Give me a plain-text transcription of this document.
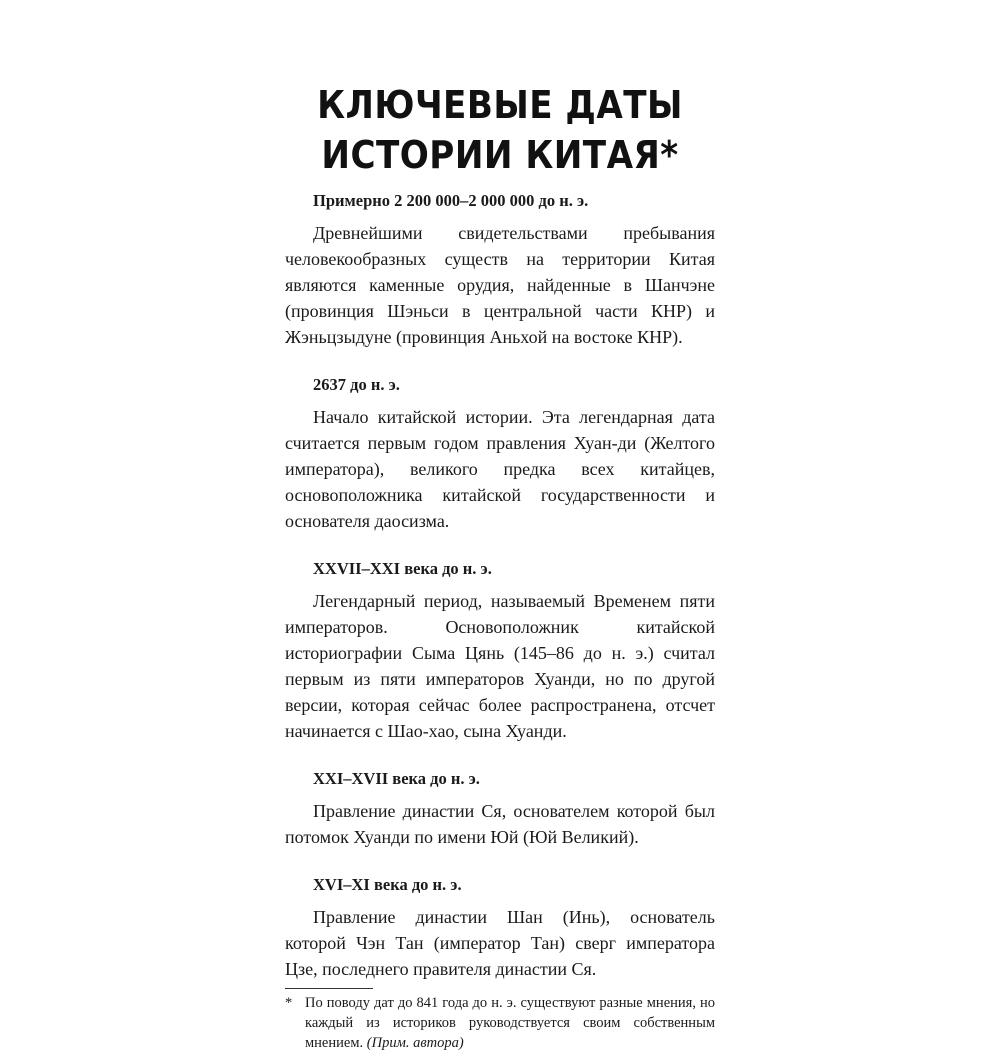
КЛЮЧЕВЫЕ ДАТЫ
ИСТОРИИ КИТАЯ*

Примерно 2 200 000–2 000 000 до н. э.

Древнейшими свидетельствами пребывания человекообразных существ на территории Китая являются каменные орудия, найденные в Шанчэне (провинция Шэньси в центральной части КНР) и Жэньцзыдуне (провинция Аньхой на востоке КНР).

2637 до н. э.

Начало китайской истории. Эта легендарная дата считается первым годом правления Хуан-ди (Желтого императора), великого предка всех китайцев, основоположника китайской государственности и основателя даосизма.

XXVII–XXI века до н. э.

Легендарный период, называемый Временем пяти императоров. Основоположник китайской историографии Сыма Цянь (145–86 до н. э.) считал первым из пяти императоров Хуанди, но по другой версии, которая сейчас более распространена, отсчет начинается с Шао-хао, сына Хуанди.

XXI–XVII века до н. э.

Правление династии Ся, основателем которой был потомок Хуанди по имени Юй (Юй Великий).

XVI–XI века до н. э.

Правление династии Шан (Инь), основатель которой Чэн Тан (император Тан) сверг императора Цзе, последнего правителя династии Ся.

* По поводу дат до 841 года до н. э. существуют разные мнения, но каждый из историков руководствуется своим собственным мнением. (Прим. автора)
